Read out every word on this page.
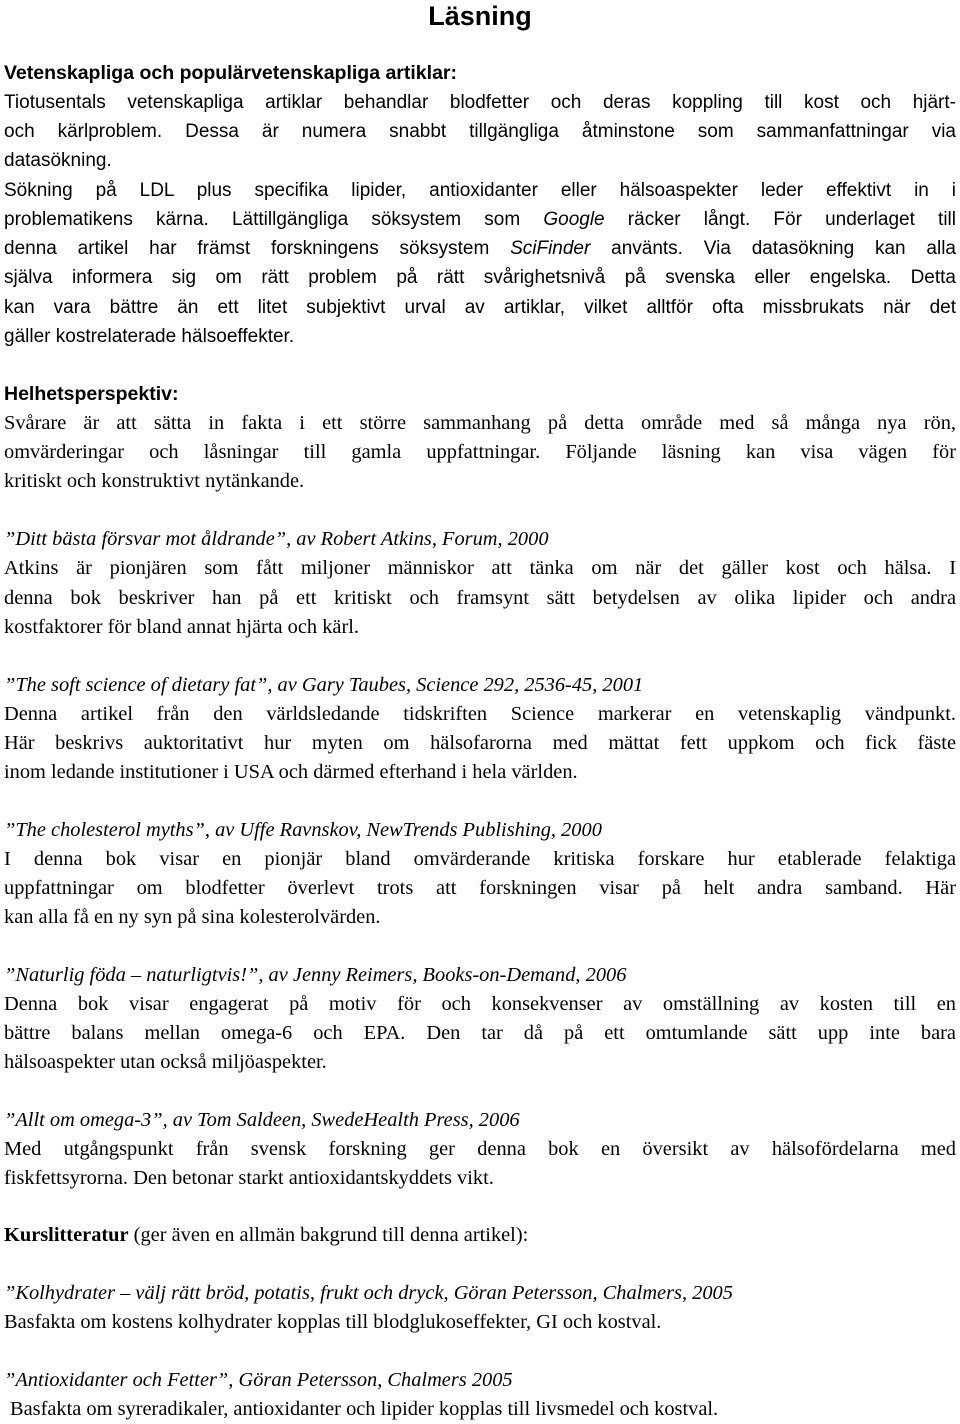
Läsning
Vetenskapliga och populärvetenskapliga artiklar:
Tiotusentals vetenskapliga artiklar behandlar blodfetter och deras koppling till kost och hjärt-
och kärlproblem. Dessa är numera snabbt tillgängliga åtminstone som sammanfattningar via
datasökning.
Sökning på LDL plus specifika lipider, antioxidanter eller hälsoaspekter leder effektivt in i
problematikens kärna. Lättillgängliga söksystem som Google räcker långt. För underlaget till
denna artikel har främst forskningens söksystem SciFinder använts. Via datasökning kan alla
själva informera sig om rätt problem på rätt svårighetsnivå på svenska eller engelska. Detta
kan vara bättre än ett litet subjektivt urval av artiklar, vilket alltför ofta missbrukats när det
gäller kostrelaterade hälsoeffekter.
Helhetsperspektiv:
Svårare är att sätta in fakta i ett större sammanhang på detta område med så många nya rön,
omvärderingar och låsningar till gamla uppfattningar. Följande läsning kan visa vägen för
kritiskt och konstruktivt nytänkande.
”Ditt bästa försvar mot åldrande”, av Robert Atkins, Forum, 2000
Atkins är pionjären som fått miljoner människor att tänka om när det gäller kost och hälsa. I
denna bok beskriver han på ett kritiskt och framsynt sätt betydelsen av olika lipider och andra
kostfaktorer för bland annat hjärta och kärl.
”The soft science of dietary fat”, av Gary Taubes, Science 292, 2536-45, 2001
Denna artikel från den världsledande tidskriften Science markerar en vetenskaplig vändpunkt.
Här beskrivs auktoritativt hur myten om hälsofarorna med mättat fett uppkom och fick fäste
inom ledande institutioner i USA och därmed efterhand i hela världen.
”The cholesterol myths”, av Uffe Ravnskov, NewTrends Publishing, 2000
I denna bok visar en pionjär bland omvärderande kritiska forskare hur etablerade felaktiga
uppfattningar om blodfetter överlevt trots att forskningen visar på helt andra samband. Här
kan alla få en ny syn på sina kolesterolvärden.
”Naturlig föda – naturligtvis!”, av Jenny Reimers, Books-on-Demand, 2006
Denna bok visar engagerat på motiv för och konsekvenser av omställning av kosten till en
bättre balans mellan omega-6 och EPA. Den tar då på ett omtumlande sätt upp inte bara
hälsoaspekter utan också miljöaspekter.
”Allt om omega-3”, av Tom Saldeen, SwedeHealth Press, 2006
Med utgångspunkt från svensk forskning ger denna bok en översikt av hälsofördelarna med
fiskfettsyrorna. Den betonar starkt antioxidantskyddets vikt.
Kurslitteratur (ger även en allmän bakgrund till denna artikel):
”Kolhydrater – välj rätt bröd, potatis, frukt och dryck, Göran Petersson, Chalmers, 2005
Basfakta om kostens kolhydrater kopplas till blodglukoseffekter, GI och kostval.
”Antioxidanter och Fetter”, Göran Petersson, Chalmers 2005
Basfakta om syreradikaler, antioxidanter och lipider kopplas till livsmedel och kostval.
